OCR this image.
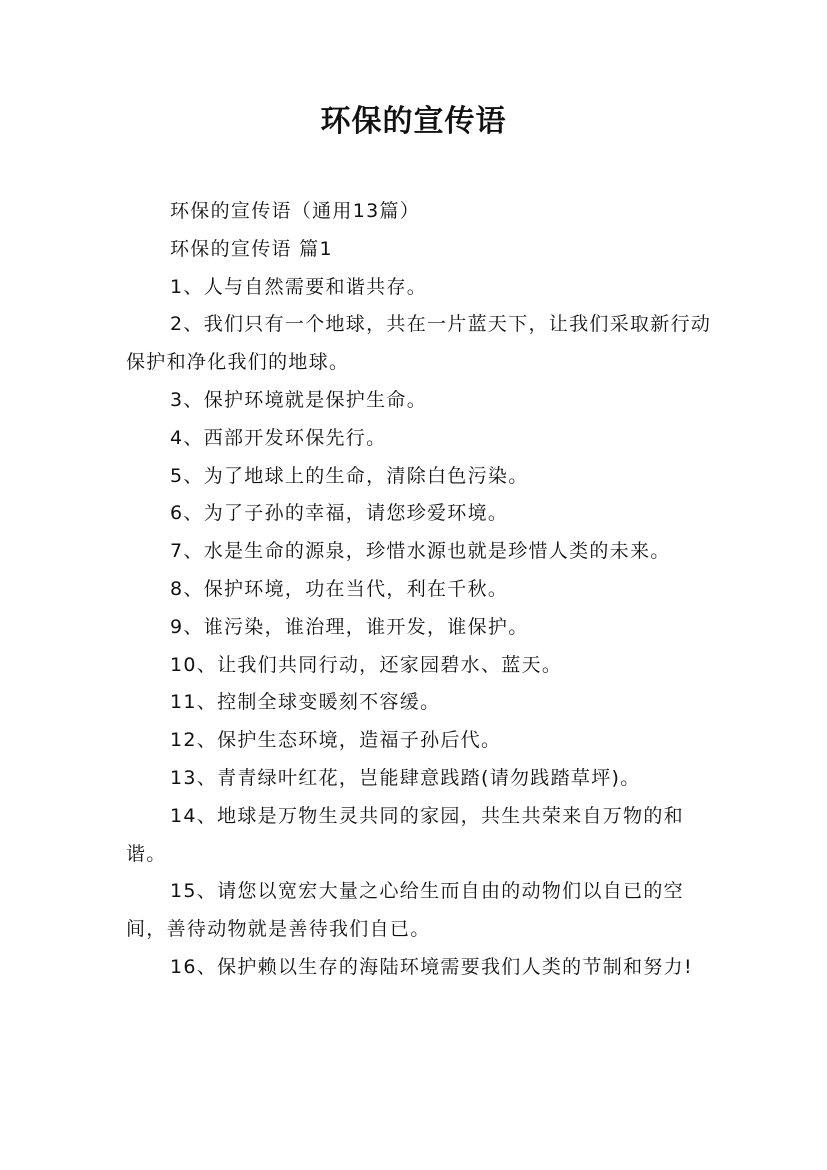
环保的宣传语

环保的宣传语（通用13篇）

环保的宣传语 篇1

1、人与自然需要和谐共存。

2、我们只有一个地球，共在一片蓝天下，让我们采取新行动保护和净化我们的地球。

3、保护环境就是保护生命。

4、西部开发环保先行。

5、为了地球上的生命，清除白色污染。

6、为了子孙的幸福，请您珍爱环境。

7、水是生命的源泉，珍惜水源也就是珍惜人类的未来。

8、保护环境，功在当代，利在千秋。

9、谁污染，谁治理，谁开发，谁保护。

10、让我们共同行动，还家园碧水、蓝天。

11、控制全球变暖刻不容缓。

12、保护生态环境，造福子孙后代。

13、青青绿叶红花，岂能肆意践踏(请勿践踏草坪)。

14、地球是万物生灵共同的家园，共生共荣来自万物的和谐。

15、请您以宽宏大量之心给生而自由的动物们以自已的空间，善待动物就是善待我们自已。

16、保护赖以生存的海陆环境需要我们人类的节制和努力!
